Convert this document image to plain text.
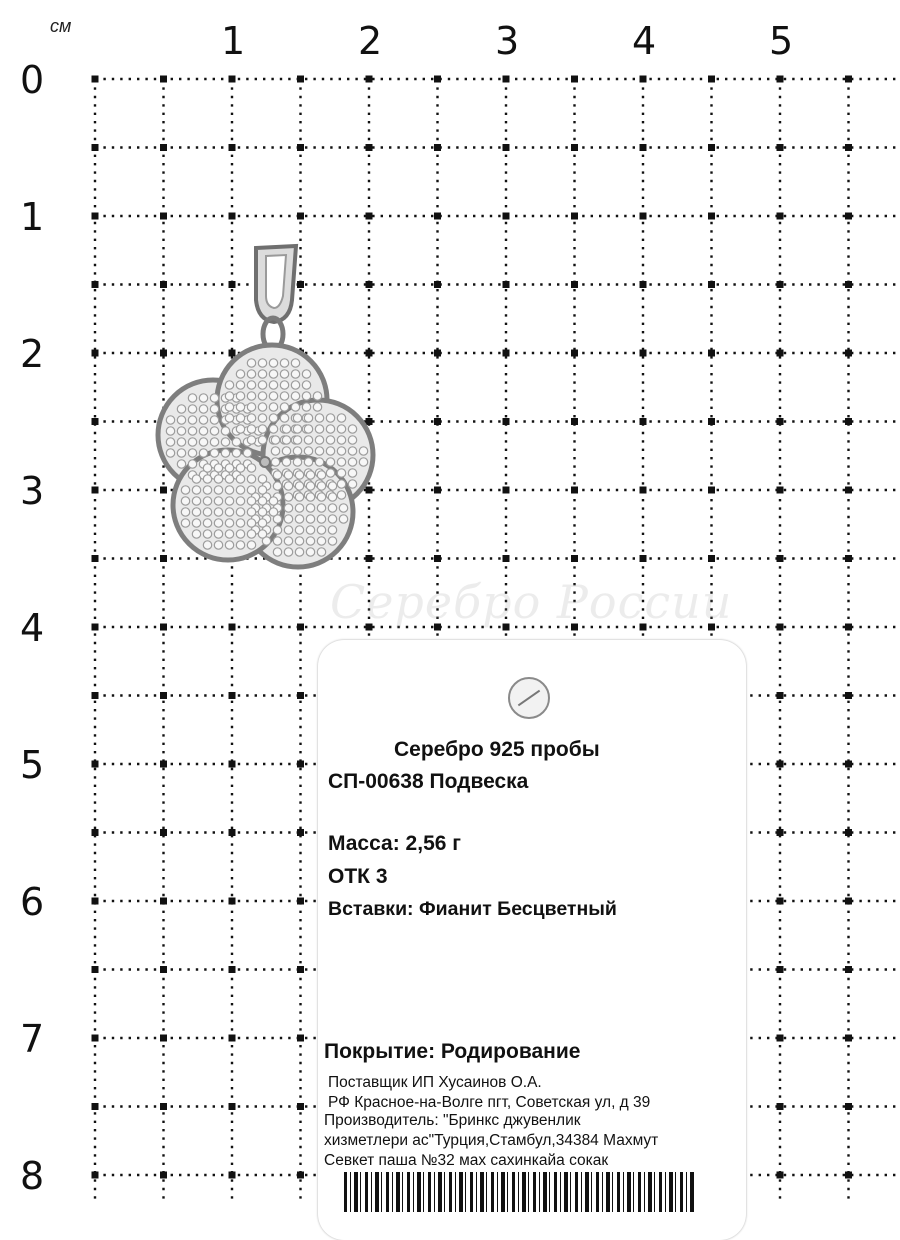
см	1	2	3	4	5
0
1
2
3
4
5
6
7
8
Серебро России
Серебро 925 пробы
СП-00638 Подвеска
Масса: 2,56 г
ОТК 3
Вставки: Фианит Бесцветный
Покрытие: Родирование
Поставщик ИП Хусаинов О.А.
РФ Красное-на-Волге пгт, Советская ул, д 39
Производитель: "Бринкс джувенлик
хизметлери ас"Турция,Стамбул,34384 Махмут
Севкет паша №32 мах сахинкайа сокак
